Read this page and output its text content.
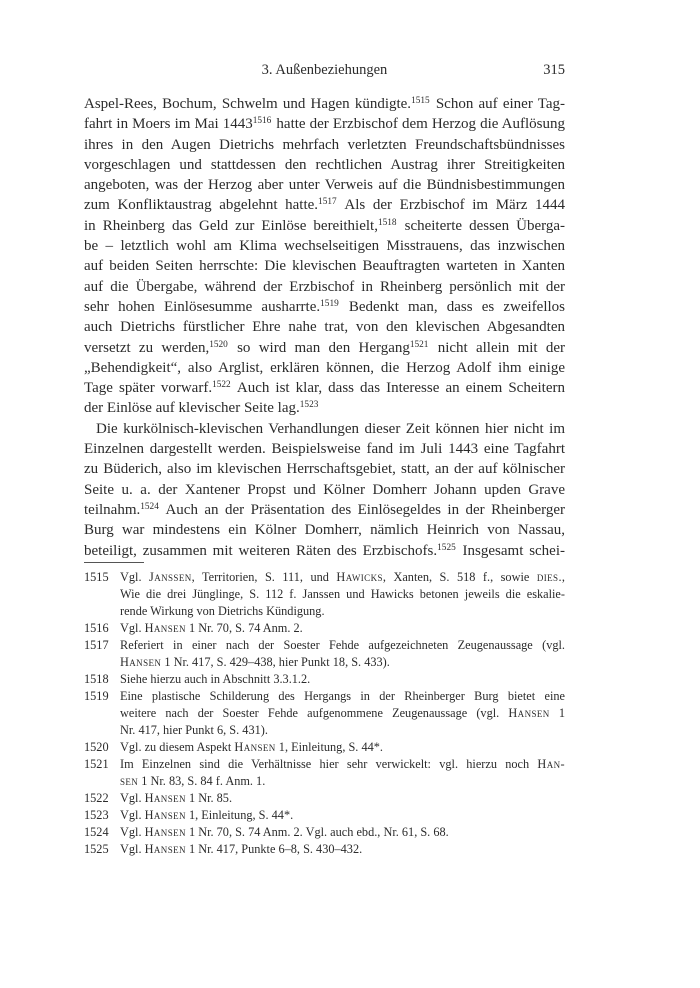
3. Außenbeziehungen	315
Aspel-Rees, Bochum, Schwelm und Hagen kündigte.$^{1515}$ Schon auf einer Tag-
fahrt in Moers im Mai 1443$^{1516}$ hatte der Erzbischof dem Herzog die Auflösung
ihres in den Augen Dietrichs mehrfach verletzten Freundschaftsbündnisses
vorgeschlagen und stattdessen den rechtlichen Austrag ihrer Streitigkeiten
angeboten, was der Herzog aber unter Verweis auf die Bündnisbestimmungen
zum Konfliktaustrag abgelehnt hatte.$^{1517}$ Als der Erzbischof im März 1444
in Rheinberg das Geld zur Einlöse bereithielt,$^{1518}$ scheiterte dessen Überga-
be – letztlich wohl am Klima wechselseitigen Misstrauens, das inzwischen
auf beiden Seiten herrschte: Die klevischen Beauftragten warteten in Xanten
auf die Übergabe, während der Erzbischof in Rheinberg persönlich mit der
sehr hohen Einlösesumme ausharrte.$^{1519}$ Bedenkt man, dass es zweifellos
auch Dietrichs fürstlicher Ehre nahe trat, von den klevischen Abgesandten
versetzt zu werden,$^{1520}$ so wird man den Hergang$^{1521}$ nicht allein mit der
„Behendigkeit“, also Arglist, erklären können, die Herzog Adolf ihm einige
Tage später vorwarf.$^{1522}$ Auch ist klar, dass das Interesse an einem Scheitern
der Einlöse auf klevischer Seite lag.$^{1523}$
Die kurkölnisch-klevischen Verhandlungen dieser Zeit können hier nicht im
Einzelnen dargestellt werden. Beispielsweise fand im Juli 1443 eine Tagfahrt
zu Büderich, also im klevischen Herrschaftsgebiet, statt, an der auf kölnischer
Seite u. a. der Xantener Propst und Kölner Domherr Johann upden Grave
teilnahm.$^{1524}$ Auch an der Präsentation des Einlösegeldes in der Rheinberger
Burg war mindestens ein Kölner Domherr, nämlich Heinrich von Nassau,
beteiligt, zusammen mit weiteren Räten des Erzbischofs.$^{1525}$ Insgesamt schei-
1515 Vgl. Janssen, Territorien, S. 111, und Hawicks, Xanten, S. 518 f., sowie dies.,
Wie die drei Jünglinge, S. 112 f. Janssen und Hawicks betonen jeweils die eskalie-
rende Wirkung von Dietrichs Kündigung.
1516 Vgl. Hansen 1 Nr. 70, S. 74 Anm. 2.
1517 Referiert in einer nach der Soester Fehde aufgezeichneten Zeugenaussage (vgl.
Hansen 1 Nr. 417, S. 429–438, hier Punkt 18, S. 433).
1518 Siehe hierzu auch in Abschnitt 3.3.1.2.
1519 Eine plastische Schilderung des Hergangs in der Rheinberger Burg bietet eine
weitere nach der Soester Fehde aufgenommene Zeugenaussage (vgl. Hansen 1
Nr. 417, hier Punkt 6, S. 431).
1520 Vgl. zu diesem Aspekt Hansen 1, Einleitung, S. 44*.
1521 Im Einzelnen sind die Verhältnisse hier sehr verwickelt: vgl. hierzu noch Han-
sen 1 Nr. 83, S. 84 f. Anm. 1.
1522 Vgl. Hansen 1 Nr. 85.
1523 Vgl. Hansen 1, Einleitung, S. 44*.
1524 Vgl. Hansen 1 Nr. 70, S. 74 Anm. 2. Vgl. auch ebd., Nr. 61, S. 68.
1525 Vgl. Hansen 1 Nr. 417, Punkte 6–8, S. 430–432.
